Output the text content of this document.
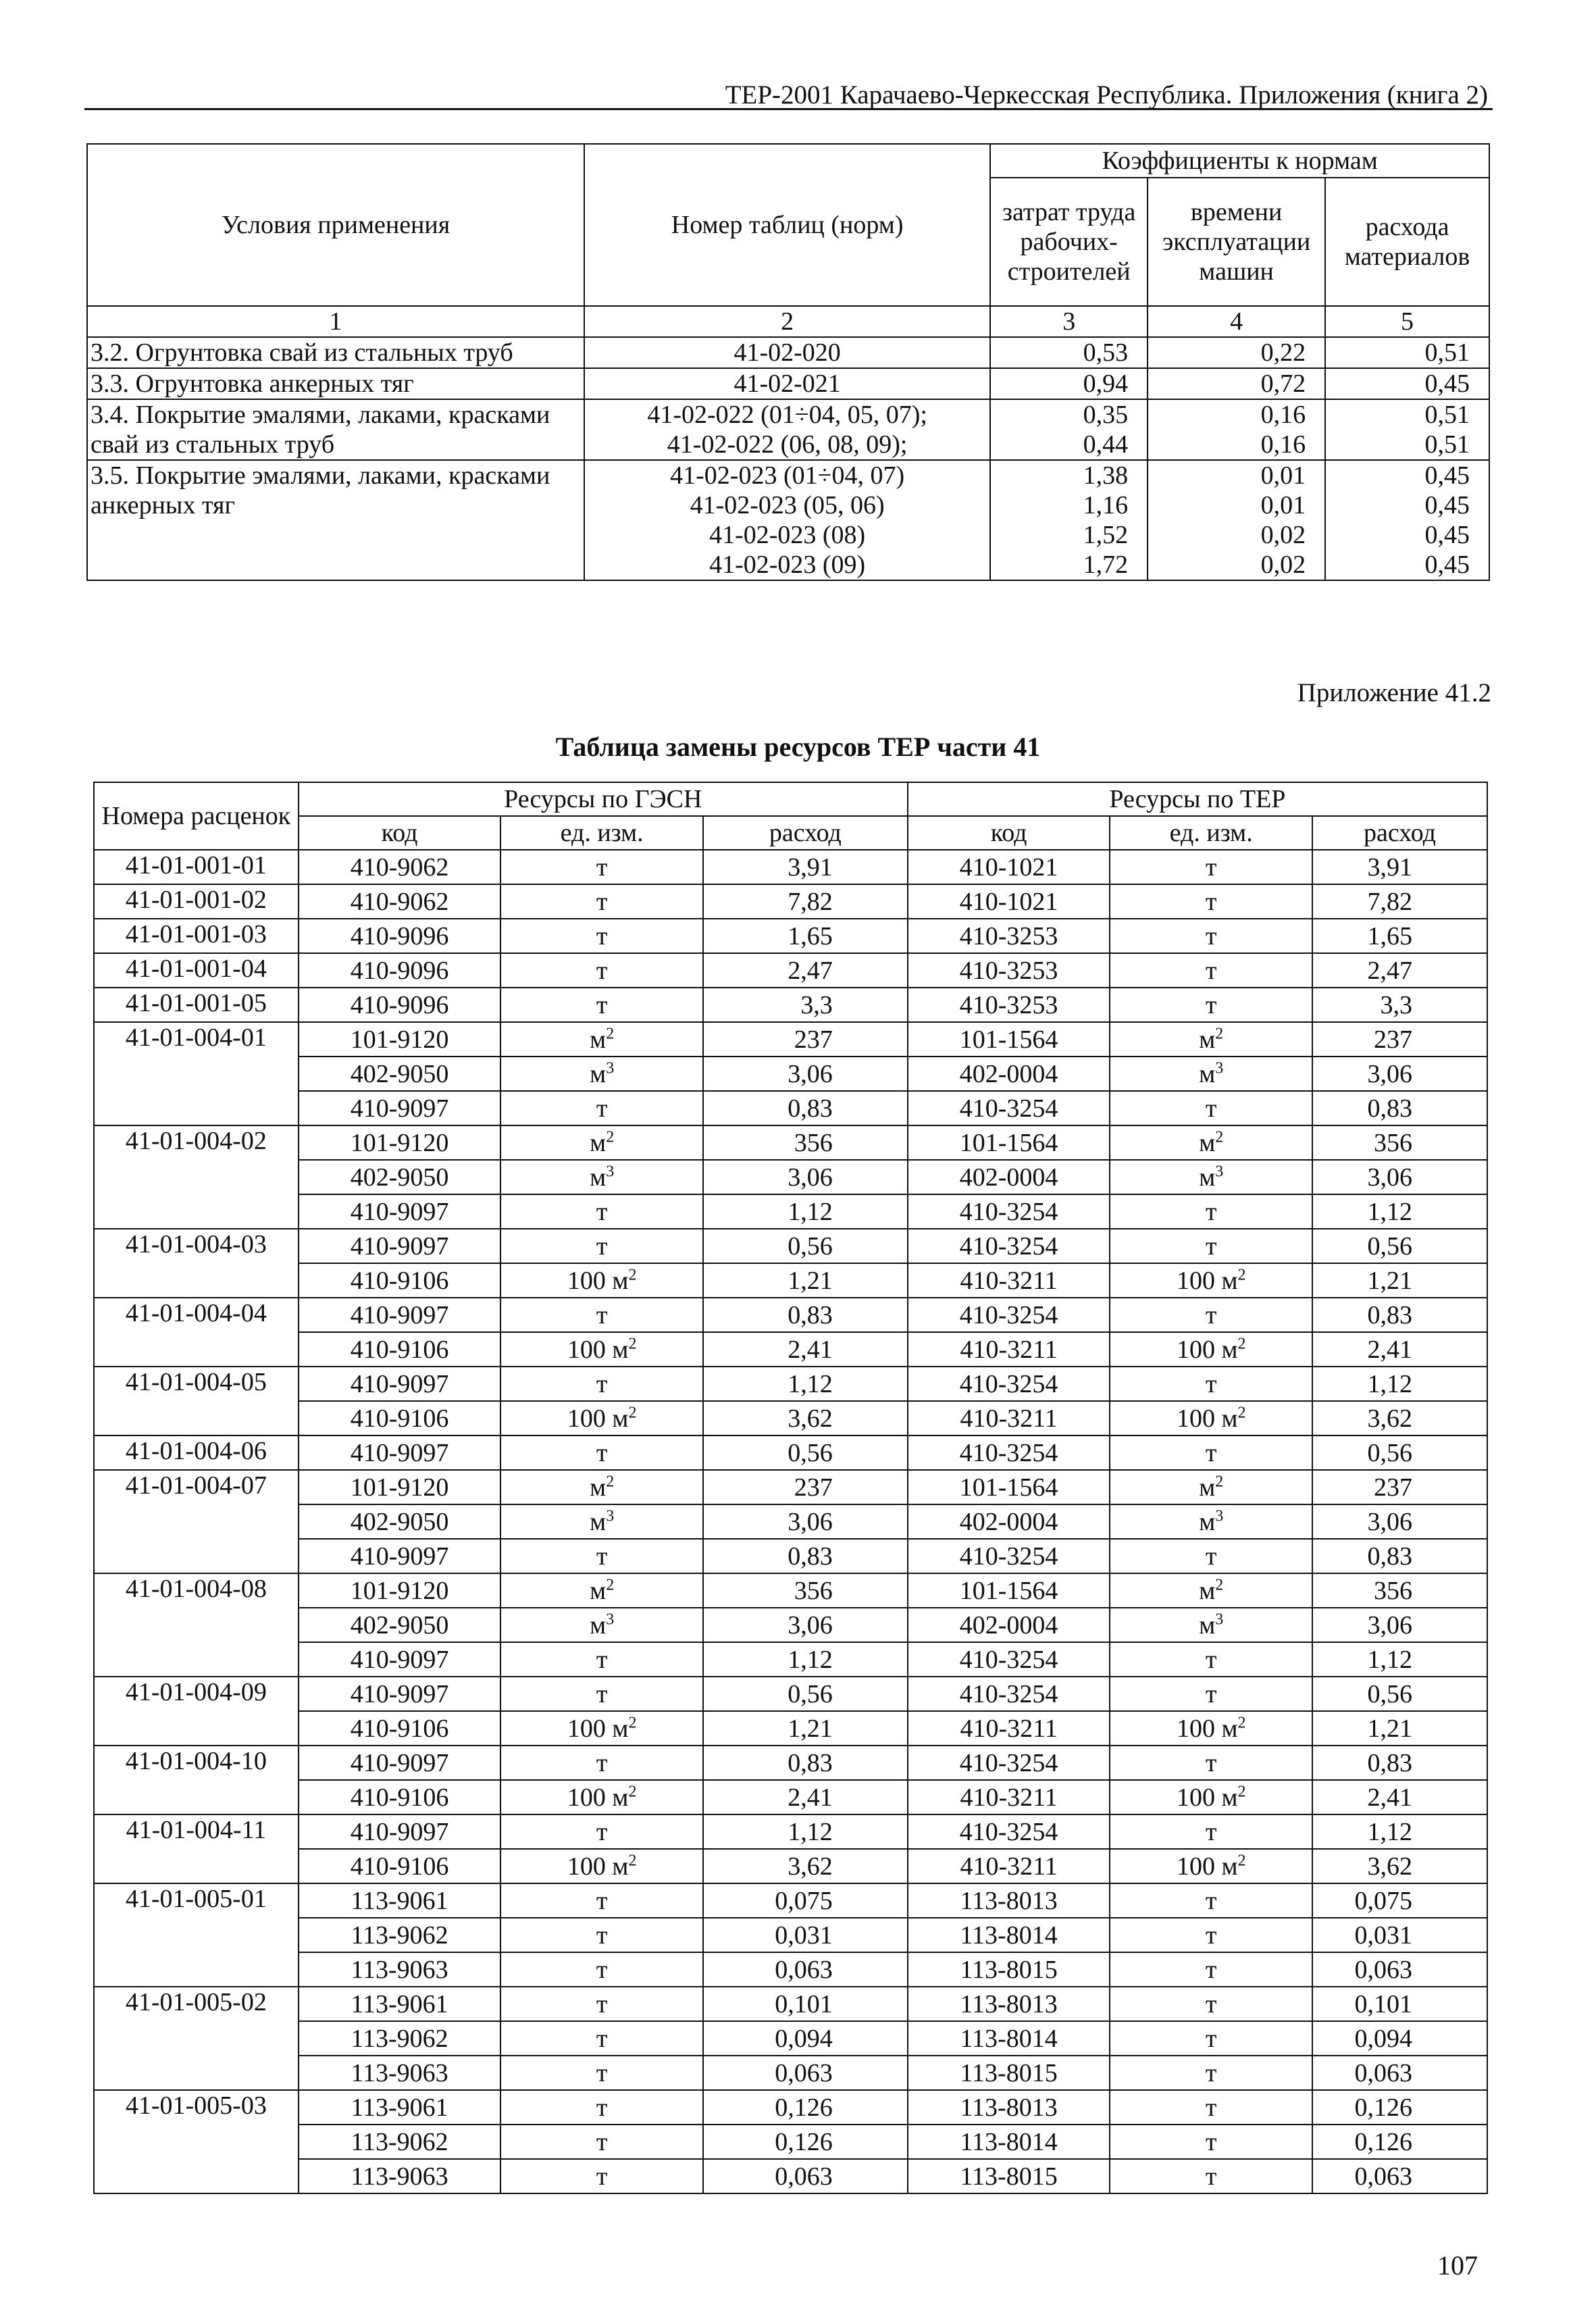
ТЕР-2001 Карачаево-Черкесская Республика. Приложения (книга 2)
Условия применения	Номер таблиц (норм)	Коэффициенты к нормам		
		затрат труда рабочих-строителей	времени эксплуатации машин	расхода материалов
1	2	3	4	5
3.2. Огрунтовка свай из стальных труб	41-02-020	0,53	0,22	0,51
3.3. Огрунтовка анкерных тяг	41-02-021	0,94	0,72	0,45
3.4. Покрытие эмалями, лаками, красками свай из стальных труб	41-02-022 (01÷04, 05, 07);	0,35	0,16	0,51
	41-02-022 (06, 08, 09);	0,44	0,16	0,51
3.5. Покрытие эмалями, лаками, красками анкерных тяг	41-02-023 (01÷04, 07)	1,38	0,01	0,45
	41-02-023 (05, 06)	1,16	0,01	0,45
	41-02-023 (08)	1,52	0,02	0,45
	41-02-023 (09)	1,72	0,02	0,45
Приложение 41.2
Таблица замены ресурсов ТЕР части 41
Номера расценок	Ресурсы по ГЭСН			Ресурсы по ТЕР		
	код	ед. изм.	расход	код	ед. изм.	расход
41-01-001-01	410-9062	т	3,91	410-1021	т	3,91
41-01-001-02	410-9062	т	7,82	410-1021	т	7,82
41-01-001-03	410-9096	т	1,65	410-3253	т	1,65
41-01-001-04	410-9096	т	2,47	410-3253	т	2,47
41-01-001-05	410-9096	т	3,3	410-3253	т	3,3
41-01-004-01	101-9120	$м^2$	237	101-1564	$м^2$	237
	402-9050	$м^3$	3,06	402-0004	$м^3$	3,06
	410-9097	т	0,83	410-3254	т	0,83
41-01-004-02	101-9120	$м^2$	356	101-1564	$м^2$	356
	402-9050	$м^3$	3,06	402-0004	$м^3$	3,06
	410-9097	т	1,12	410-3254	т	1,12
41-01-004-03	410-9097	т	0,56	410-3254	т	0,56
	410-9106	100 $м^2$	1,21	410-3211	100 $м^2$	1,21
41-01-004-04	410-9097	т	0,83	410-3254	т	0,83
	410-9106	100 $м^2$	2,41	410-3211	100 $м^2$	2,41
41-01-004-05	410-9097	т	1,12	410-3254	т	1,12
	410-9106	100 $м^2$	3,62	410-3211	100 $м^2$	3,62
41-01-004-06	410-9097	т	0,56	410-3254	т	0,56
41-01-004-07	101-9120	$м^2$	237	101-1564	$м^2$	237
	402-9050	$м^3$	3,06	402-0004	$м^3$	3,06
	410-9097	т	0,83	410-3254	т	0,83
41-01-004-08	101-9120	$м^2$	356	101-1564	$м^2$	356
	402-9050	$м^3$	3,06	402-0004	$м^3$	3,06
	410-9097	т	1,12	410-3254	т	1,12
41-01-004-09	410-9097	т	0,56	410-3254	т	0,56
	410-9106	100 $м^2$	1,21	410-3211	100 $м^2$	1,21
41-01-004-10	410-9097	т	0,83	410-3254	т	0,83
	410-9106	100 $м^2$	2,41	410-3211	100 $м^2$	2,41
41-01-004-11	410-9097	т	1,12	410-3254	т	1,12
	410-9106	100 $м^2$	3,62	410-3211	100 $м^2$	3,62
41-01-005-01	113-9061	т	0,075	113-8013	т	0,075
	113-9062	т	0,031	113-8014	т	0,031
	113-9063	т	0,063	113-8015	т	0,063
41-01-005-02	113-9061	т	0,101	113-8013	т	0,101
	113-9062	т	0,094	113-8014	т	0,094
	113-9063	т	0,063	113-8015	т	0,063
41-01-005-03	113-9061	т	0,126	113-8013	т	0,126
	113-9062	т	0,126	113-8014	т	0,126
	113-9063	т	0,063	113-8015	т	0,063
107
